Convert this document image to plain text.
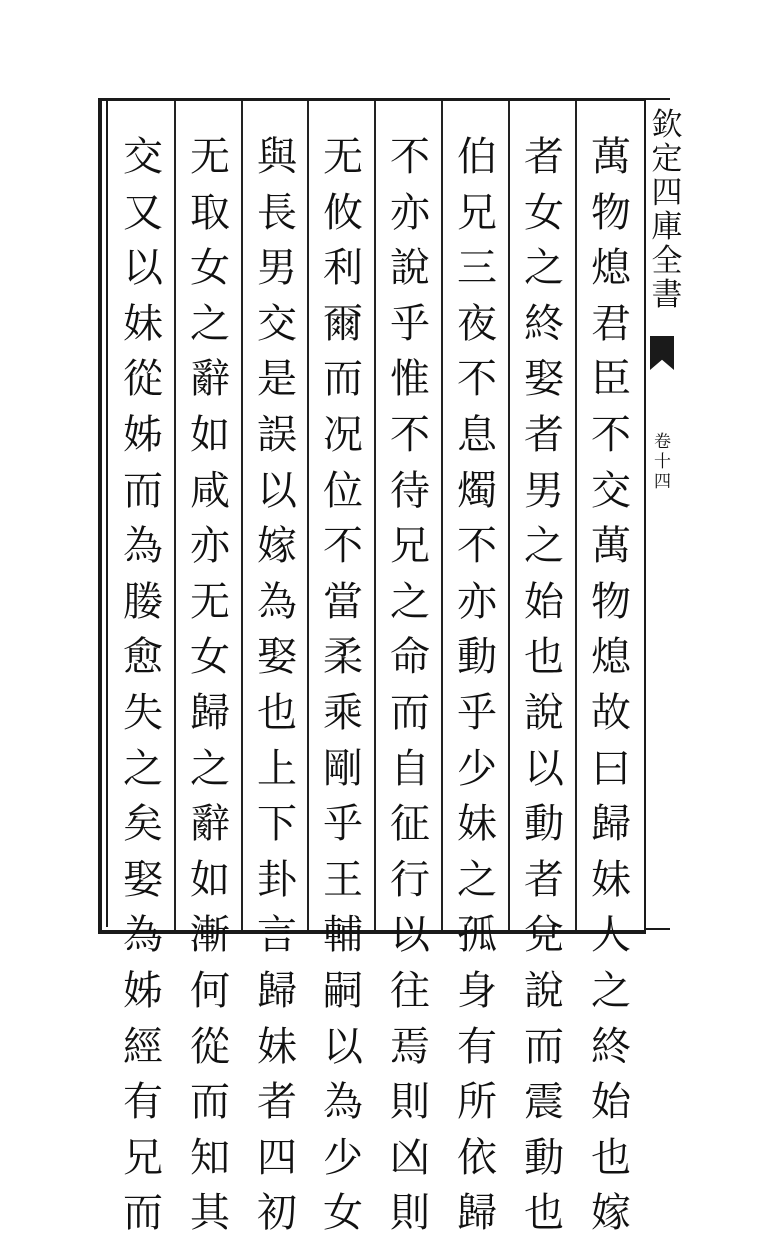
欽
定
四
庫
全
書
卷
十
四
萬
物
熄
君
臣
不
交
萬
物
熄
故
曰
歸
妹
人
之
終
始
也
嫁
者
女
之
終
娶
者
男
之
始
也
說
以
動
者
兌
說
而
震
動
也
伯
兄
三
夜
不
息
燭
不
亦
動
乎
少
妹
之
孤
身
有
所
依
歸
不
亦
說
乎
惟
不
待
兄
之
命
而
自
征
行
以
往
焉
則
凶
則
无
攸
利
爾
而
况
位
不
當
柔
乘
剛
乎
王
輔
嗣
以
為
少
女
與
長
男
交
是
誤
以
嫁
為
娶
也
上
下
卦
言
歸
妹
者
四
初
无
取
女
之
辭
如
咸
亦
无
女
歸
之
辭
如
漸
何
從
而
知
其
交
又
以
妹
從
姊
而
為
媵
愈
失
之
矣
娶
為
姊
經
有
兄
而
